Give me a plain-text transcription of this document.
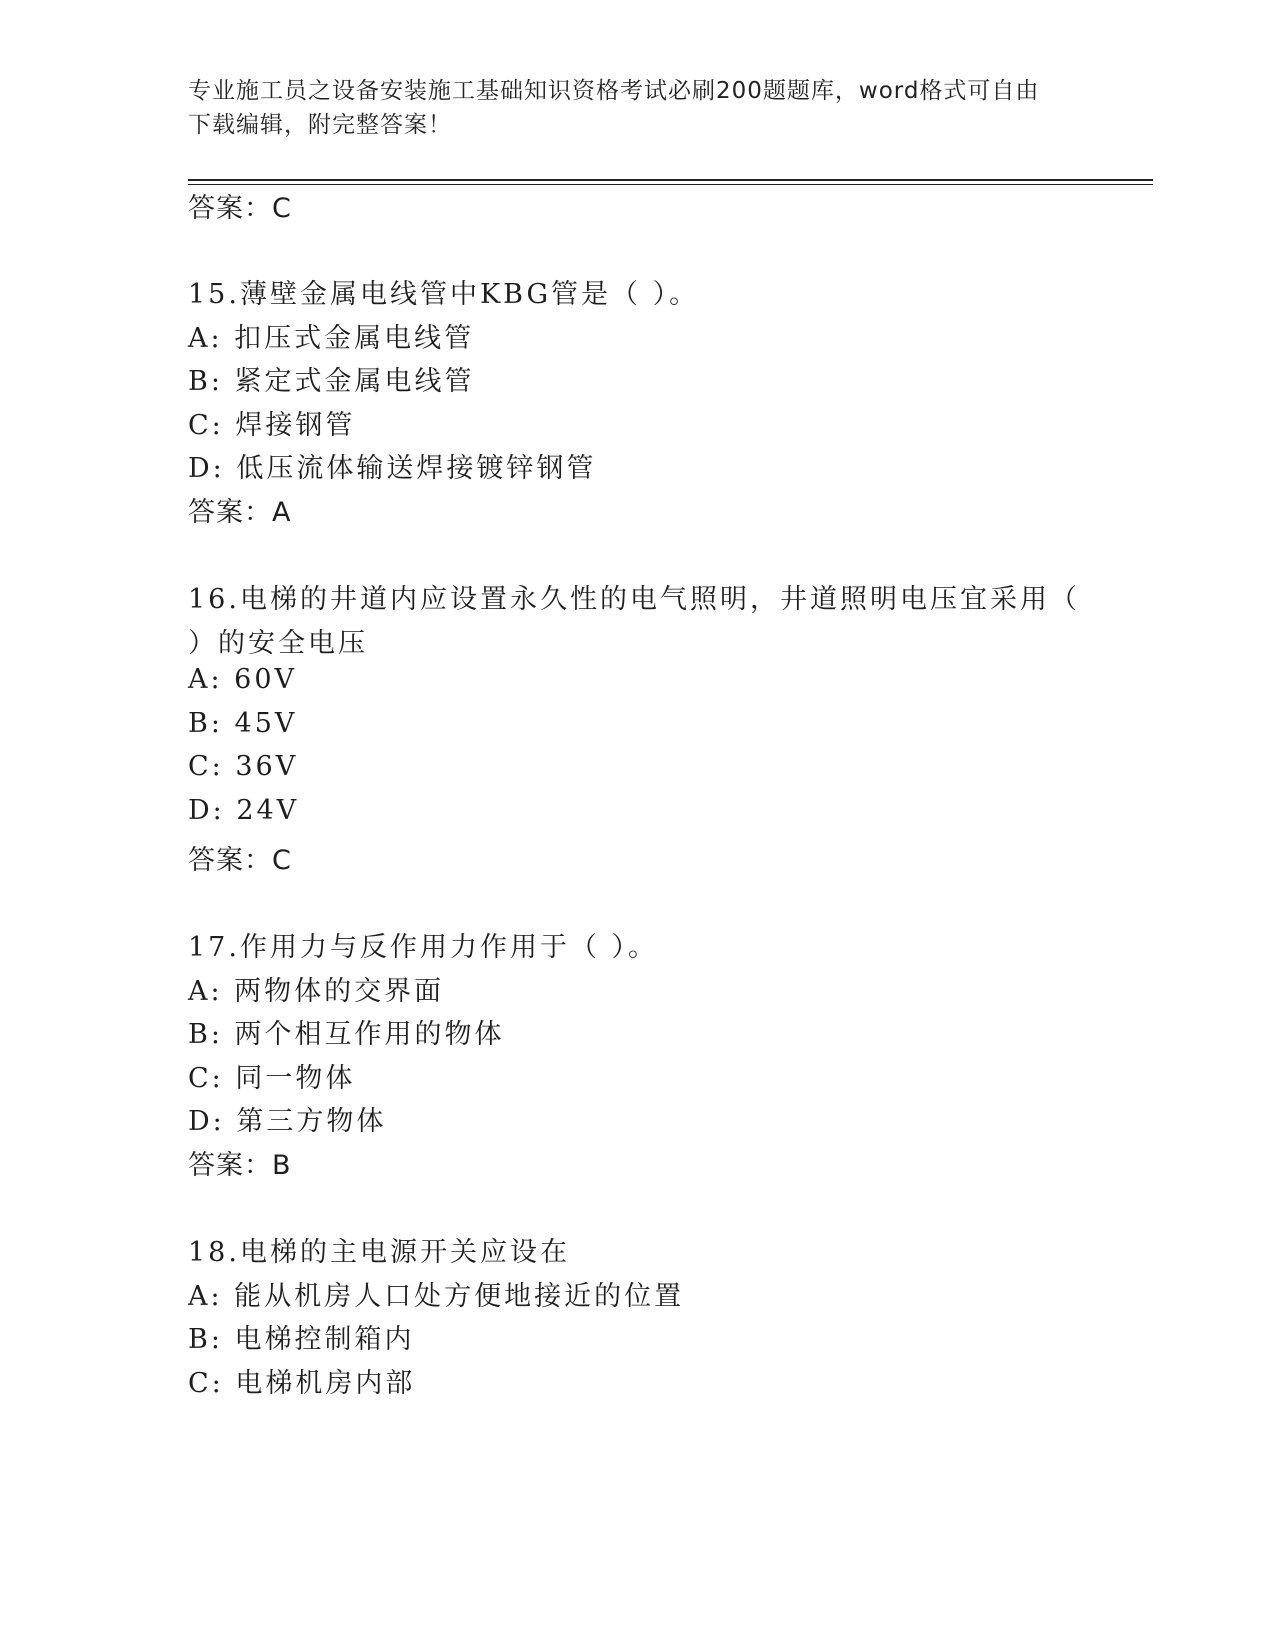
专业施工员之设备安装施工基础知识资格考试必刷200题题库，word格式可自由
下载编辑，附完整答案！
答案：C
15.薄壁金属电线管中KBG管是（ ）。
A: 扣压式金属电线管
B: 紧定式金属电线管
C: 焊接钢管
D: 低压流体输送焊接镀锌钢管
答案：A
16.电梯的井道内应设置永久性的电气照明，井道照明电压宜采用（
）的安全电压
A: 60V
B: 45V
C: 36V
D: 24V
答案：C
17.作用力与反作用力作用于（ ）。
A: 两物体的交界面
B: 两个相互作用的物体
C: 同一物体
D: 第三方物体
答案：B
18.电梯的主电源开关应设在
A: 能从机房人口处方便地接近的位置
B: 电梯控制箱内
C: 电梯机房内部
